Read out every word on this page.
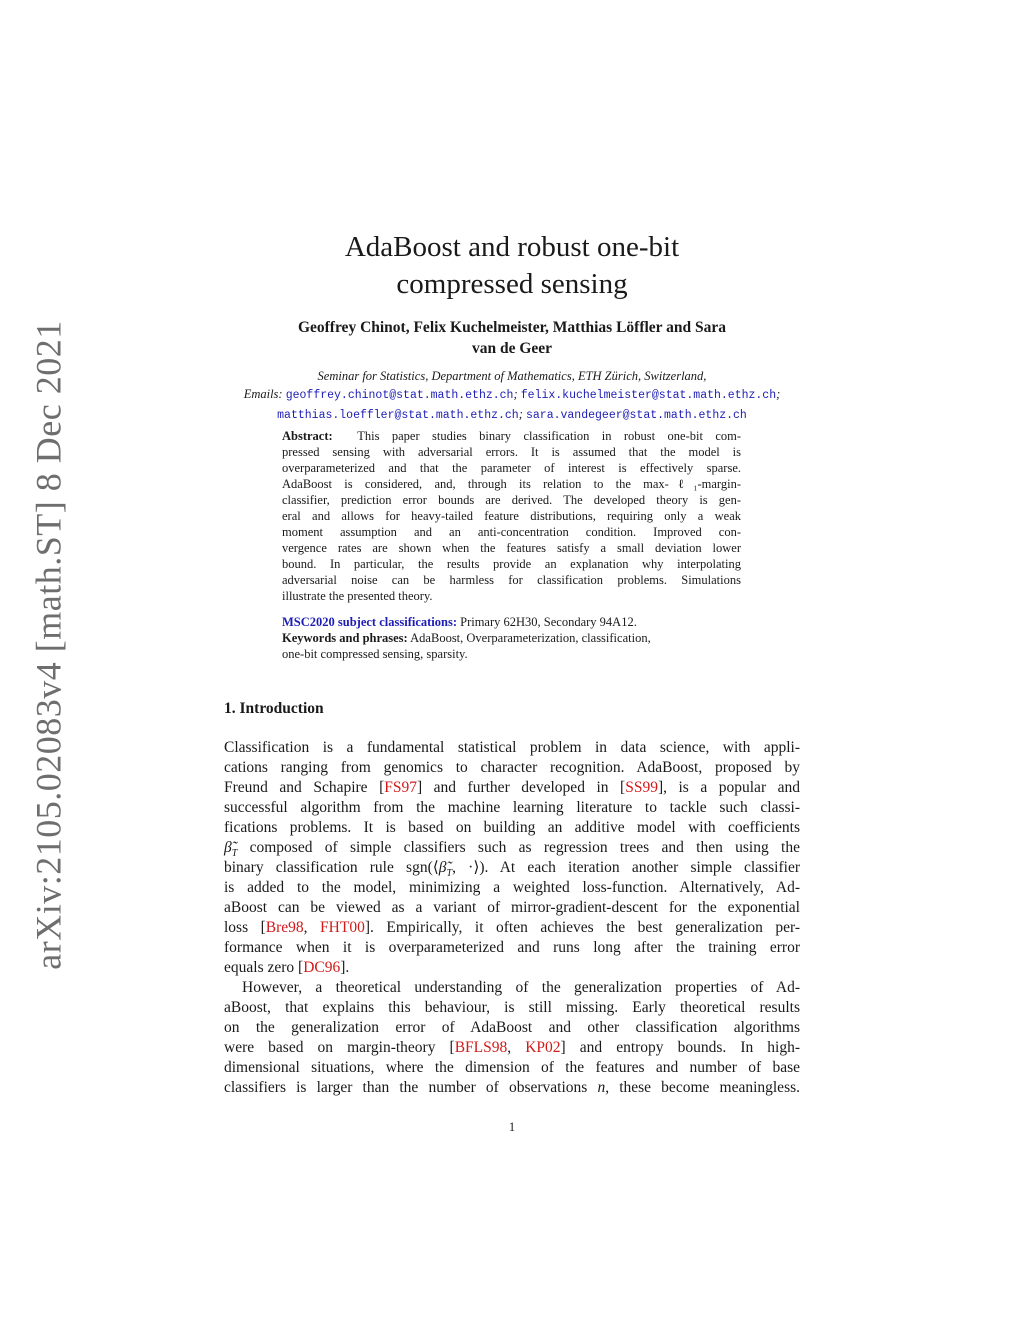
arXiv:2105.02083v4 [math.ST] 8 Dec 2021
AdaBoost and robust one-bit
compressed sensing
Geoffrey Chinot, Felix Kuchelmeister, Matthias Löffler and Sara
van de Geer
Seminar for Statistics, Department of Mathematics, ETH Zürich, Switzerland,
Emails: geoffrey.chinot@stat.math.ethz.ch; felix.kuchelmeister@stat.math.ethz.ch;
matthias.loeffler@stat.math.ethz.ch; sara.vandegeer@stat.math.ethz.ch
Abstract: This paper studies binary classification in robust one-bit com-
pressed sensing with adversarial errors. It is assumed that the model is
overparameterized and that the parameter of interest is effectively sparse.
AdaBoost is considered, and, through its relation to the max-ℓ₁-margin-
classifier, prediction error bounds are derived. The developed theory is gen-
eral and allows for heavy-tailed feature distributions, requiring only a weak
moment assumption and an anti-concentration condition. Improved con-
vergence rates are shown when the features satisfy a small deviation lower
bound. In particular, the results provide an explanation why interpolating
adversarial noise can be harmless for classification problems. Simulations
illustrate the presented theory.
MSC2020 subject classifications: Primary 62H30, Secondary 94A12.
Keywords and phrases: AdaBoost, Overparameterization, classification,
one-bit compressed sensing, sparsity.
1. Introduction
Classification is a fundamental statistical problem in data science, with appli-
cations ranging from genomics to character recognition. AdaBoost, proposed by
Freund and Schapire [FS97] and further developed in [SS99], is a popular and
successful algorithm from the machine learning literature to tackle such classi-
fications problems. It is based on building an additive model with coefficients
$\betã_T$ composed of simple classifiers such as regression trees and then using the
binary classification rule $sgn(⟨\betã_T$, ·⟩). At each iteration another simple classifier
is added to the model, minimizing a weighted loss-function. Alternatively, Ad-
aBoost can be viewed as a variant of mirror-gradient-descent for the exponential
loss [Bre98, FHT00]. Empirically, it often achieves the best generalization per-
formance when it is overparameterized and runs long after the training error
equals zero [DC96].
However, a theoretical understanding of the generalization properties of Ad-
aBoost, that explains this behaviour, is still missing. Early theoretical results
on the generalization error of AdaBoost and other classification algorithms
were based on margin-theory [BFLS98, KP02] and entropy bounds. In high-
dimensional situations, where the dimension of the features and number of base
classifiers is larger than the number of observations n, these become meaningless.
1
